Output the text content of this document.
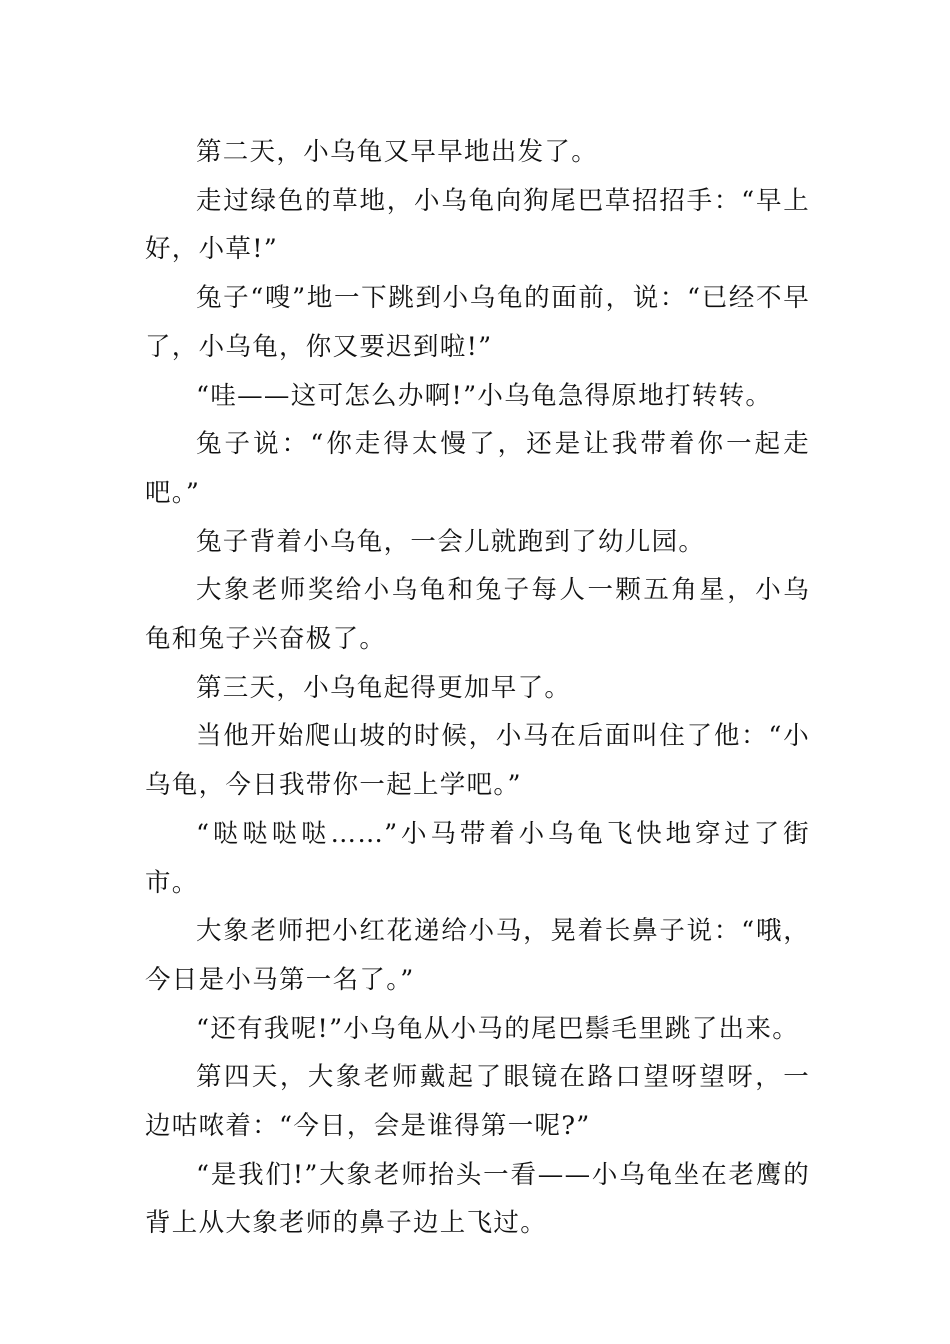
第二天，小乌龟又早早地出发了。

走过绿色的草地，小乌龟向狗尾巴草招招手：“早上好，小草!”

兔子“嗖”地一下跳到小乌龟的面前，说：“已经不早了，小乌龟，你又要迟到啦!”

“哇——这可怎么办啊!”小乌龟急得原地打转转。

兔子说：“你走得太慢了，还是让我带着你一起走吧。”

兔子背着小乌龟，一会儿就跑到了幼儿园。

大象老师奖给小乌龟和兔子每人一颗五角星，小乌龟和兔子兴奋极了。

第三天，小乌龟起得更加早了。

当他开始爬山坡的时候，小马在后面叫住了他：“小乌龟，今日我带你一起上学吧。”

“哒哒哒哒……”小马带着小乌龟飞快地穿过了街市。

大象老师把小红花递给小马，晃着长鼻子说：“哦，今日是小马第一名了。”

“还有我呢!”小乌龟从小马的尾巴鬃毛里跳了出来。

第四天，大象老师戴起了眼镜在路口望呀望呀，一边咕哝着：“今日，会是谁得第一呢?”

“是我们!”大象老师抬头一看——小乌龟坐在老鹰的背上从大象老师的鼻子边上飞过。
